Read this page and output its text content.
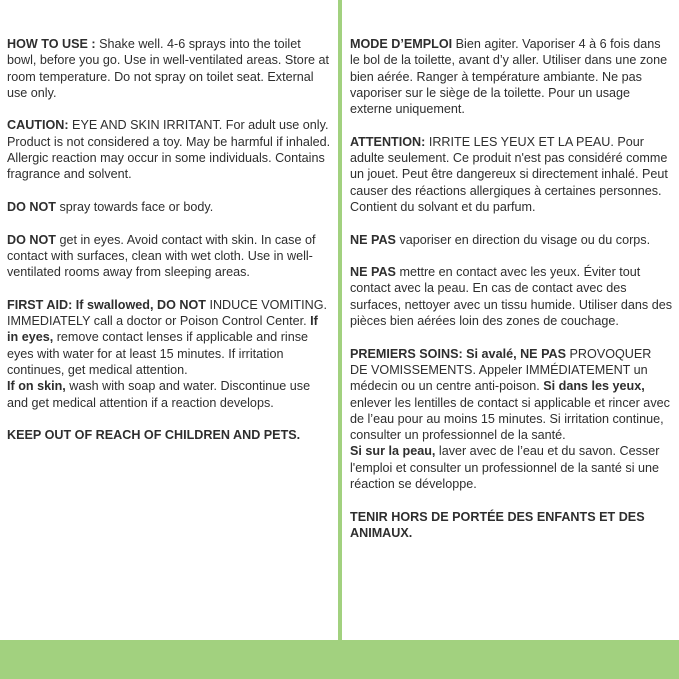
HOW TO USE : Shake well. 4-6 sprays into the toilet bowl, before you go. Use in well-ventilated areas. Store at room temperature. Do not spray on toilet seat. External use only.

CAUTION: EYE AND SKIN IRRITANT. For adult use only. Product is not considered a toy. May be harmful if inhaled. Allergic reaction may occur in some individuals. Contains fragrance and solvent.

DO NOT spray towards face or body.

DO NOT get in eyes. Avoid contact with skin. In case of contact with surfaces, clean with wet cloth. Use in well-ventilated rooms away from sleeping areas.

FIRST AID: If swallowed, DO NOT INDUCE VOMITING. IMMEDIATELY call a doctor or Poison Control Center. If in eyes, remove contact lenses if applicable and rinse eyes with water for at least 15 minutes. If irritation continues, get medical attention.
If on skin, wash with soap and water. Discontinue use and get medical attention if a reaction develops.

KEEP OUT OF REACH OF CHILDREN AND PETS.

MODE D’EMPLOI Bien agiter. Vaporiser 4 à 6 fois dans le bol de la toilette, avant d’y aller. Utiliser dans une zone bien aérée. Ranger à température ambiante. Ne pas vaporiser sur le siège de la toilette. Pour un usage externe uniquement.

ATTENTION: IRRITE LES YEUX ET LA PEAU. Pour adulte seulement. Ce produit n'est pas considéré comme un jouet. Peut être dangereux si directement inhalé. Peut causer des réactions allergiques à certaines personnes. Contient du solvant et du parfum.

NE PAS vaporiser en direction du visage ou du corps.

NE PAS mettre en contact avec les yeux. Éviter tout contact avec la peau. En cas de contact avec des surfaces, nettoyer avec un tissu humide. Utiliser dans des pièces bien aérées loin des zones de couchage.

PREMIERS SOINS: Si avalé, NE PAS PROVOQUER DE VOMISSEMENTS. Appeler IMMÉDIATEMENT un médecin ou un centre anti-poison. Si dans les yeux, enlever les lentilles de contact si applicable et rincer avec de l’eau pour au moins 15 minutes. Si irritation continue, consulter un professionnel de la santé.
Si sur la peau, laver avec de l’eau et du savon. Cesser l'emploi et consulter un professionnel de la santé si une réaction se développe.

TENIR HORS DE PORTÉE DES ENFANTS ET DES ANIMAUX.
